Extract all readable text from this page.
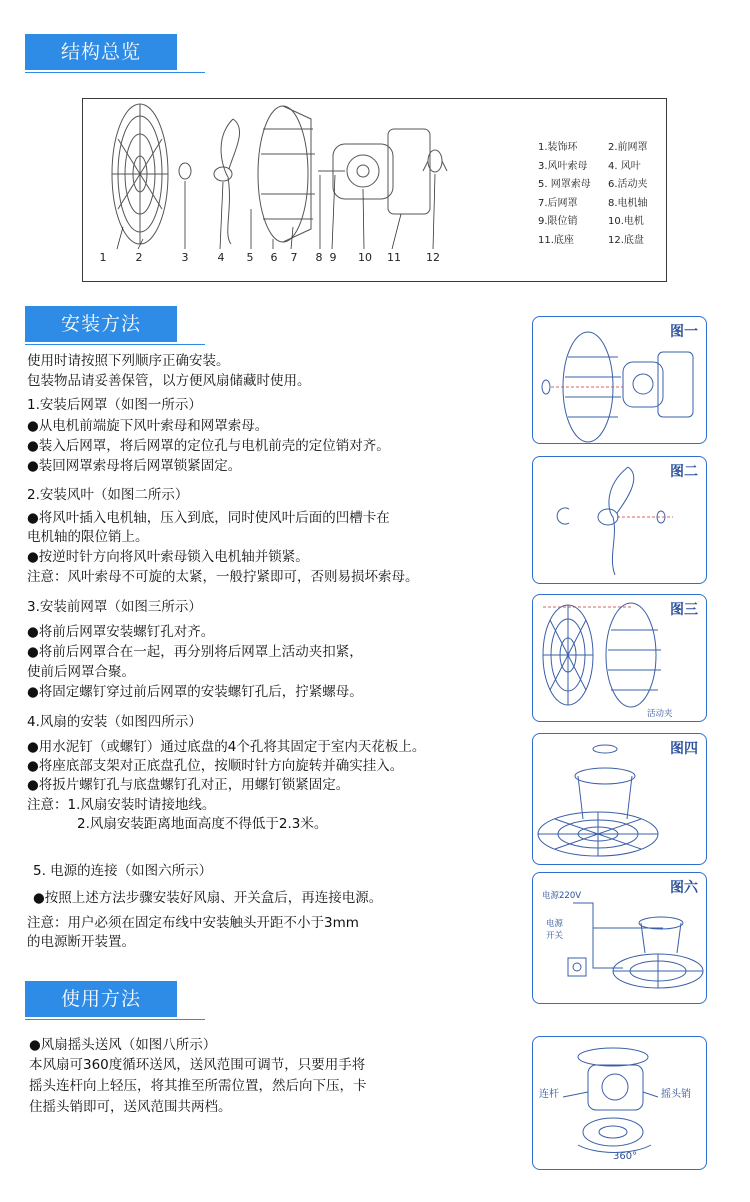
结构总览
安装方法
使用方法
1	2	3	4	5	6	7	8 9	10 11 12
1.装饰环	2.前网罩
3.风叶索母	4. 风叶
5. 网罩索母	6.活动夹
7.后网罩	8.电机轴
9.限位销	10.电机
11.底座	12.底盘
使用时请按照下列顺序正确安装。
包装物品请妥善保管，以方便风扇储藏时使用。
1.安装后网罩（如图一所示）
●从电机前端旋下风叶索母和网罩索母。
●装入后网罩，将后网罩的定位孔与电机前壳的定位销对齐。
●装回网罩索母将后网罩锁紧固定。
2.安装风叶（如图二所示）
●将风叶插入电机轴，压入到底，同时使风叶后面的凹槽卡在
电机轴的限位销上。
●按逆时针方向将风叶索母锁入电机轴并锁紧。
注意：风叶索母不可旋的太紧，一般拧紧即可，否则易损坏索母。
3.安装前网罩（如图三所示）
●将前后网罩安装螺钉孔对齐。
●将前后网罩合在一起，再分别将后网罩上活动夹扣紧，
使前后网罩合聚。
●将固定螺钉穿过前后网罩的安装螺钉孔后，拧紧螺母。
4.风扇的安装（如图四所示）
●用水泥钉（或螺钉）通过底盘的4个孔将其固定于室内天花板上。
●将座底部支架对正底盘孔位，按顺时针方向旋转并确实挂入。
●将扳片螺钉孔与底盘螺钉孔对正，用螺钉锁紧固定。
注意：1.风扇安装时请接地线。
2.风扇安装距离地面高度不得低于2.3米。
5. 电源的连接（如图六所示）
●按照上述方法步骤安装好风扇、开关盒后，再连接电源。
注意：用户必须在固定布线中安装触头开距不小于3mm
的电源断开装置。
●风扇摇头送风（如图八所示）
本风扇可360度循环送风，送风范围可调节，只要用手将
摇头连杆向上轻压，将其推至所需位置，然后向下压，卡
住摇头销即可，送风范围共两档。
图一
图二
图三
活动夹
图四
图六
电源220V
电源
开关
连杆	摇头销
360°
